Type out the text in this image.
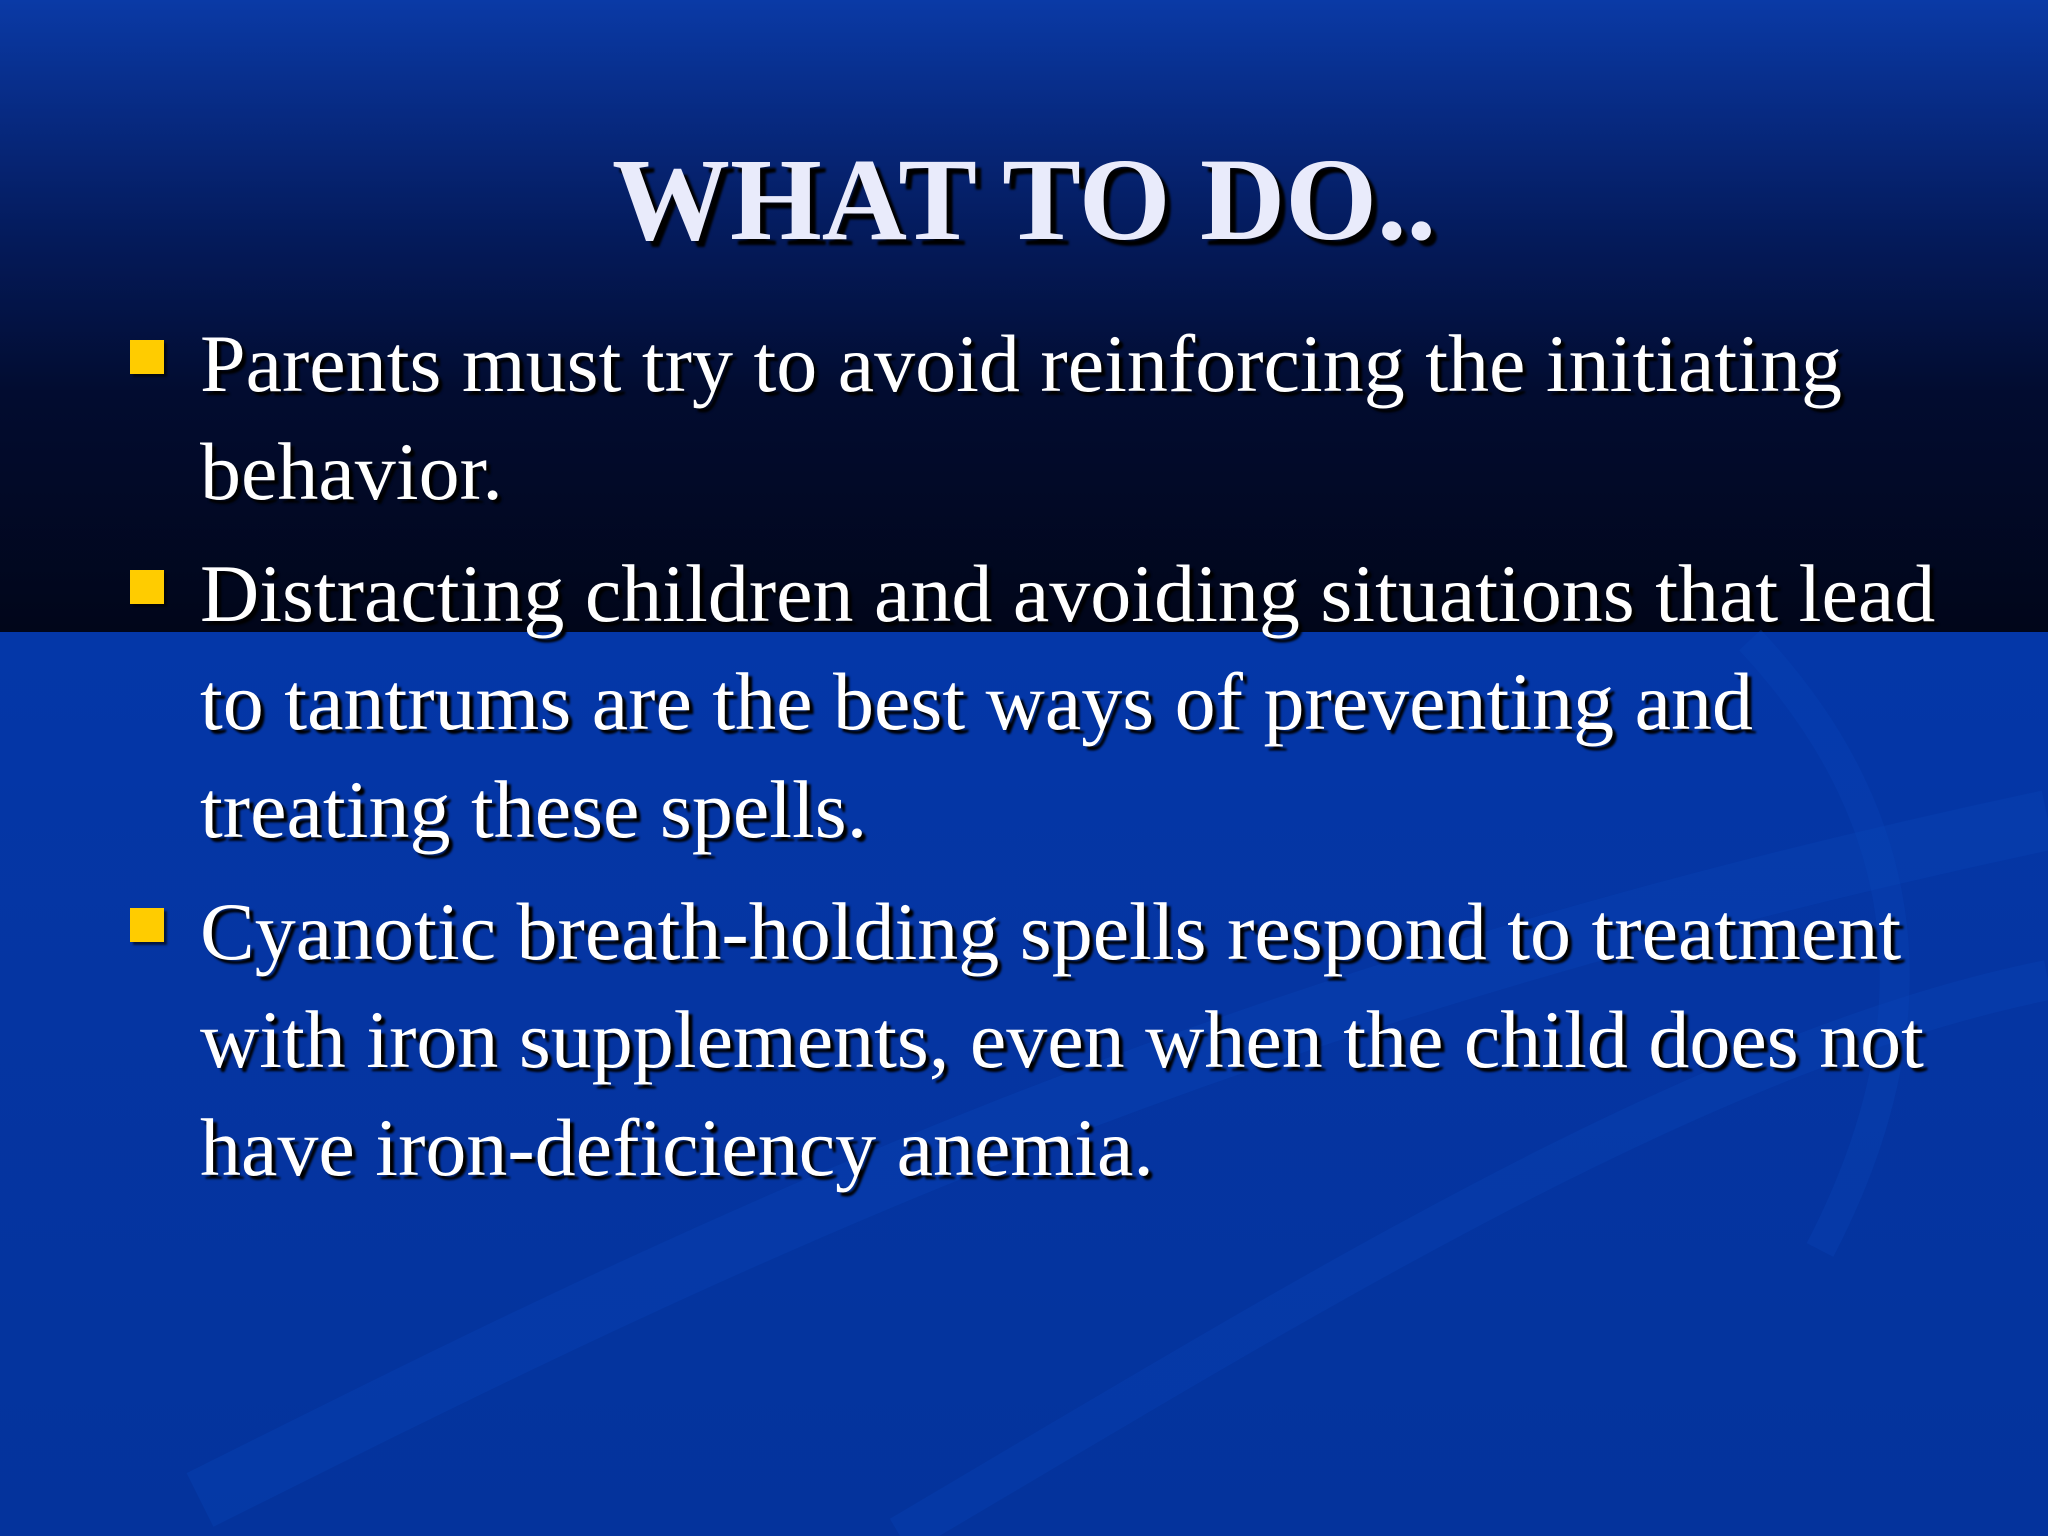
WHAT TO DO..
Parents must try to avoid reinforcing the initiating behavior.
Distracting children and avoiding situations that lead to tantrums are the best ways of preventing and treating these spells.
Cyanotic breath-holding spells respond to treatment with iron supplements, even when the child does not have iron-deficiency anemia.
